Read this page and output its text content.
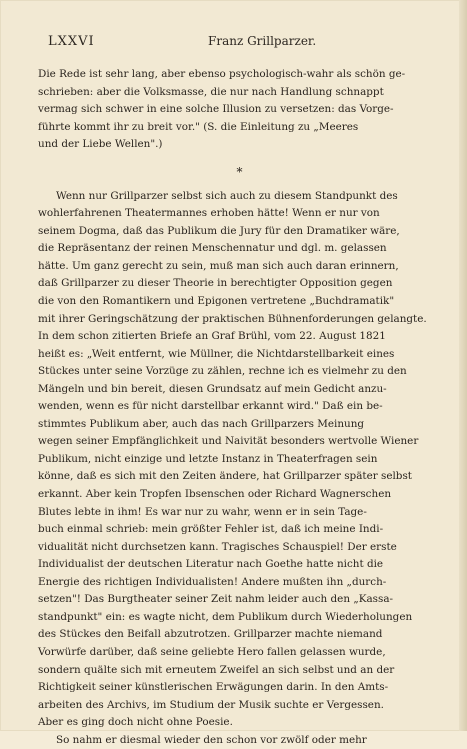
LXXVI	Franz Grillparzer.
Die Rede ist sehr lang, aber ebenso psychologisch-wahr als schön ge-
schrieben: aber die Volksmasse, die nur nach Handlung schnappt
vermag sich schwer in eine solche Illusion zu versetzen: das Vorge-
führte kommt ihr zu breit vor." (S. die Einleitung zu „Meeres
und der Liebe Wellen".)
*
Wenn nur Grillparzer selbst sich auch zu diesem Standpunkt des
wohlerfahrenen Theatermannes erhoben hätte! Wenn er nur von
seinem Dogma, daß das Publikum die Jury für den Dramatiker wäre,
die Repräsentanz der reinen Menschennatur und dgl. m. gelassen
hätte. Um ganz gerecht zu sein, muß man sich auch daran erinnern,
daß Grillparzer zu dieser Theorie in berechtigter Opposition gegen
die von den Romantikern und Epigonen vertretene „Buchdramatik"
mit ihrer Geringschätzung der praktischen Bühnenforderungen gelangte.
In dem schon zitierten Briefe an Graf Brühl, vom 22. August 1821
heißt es: „Weit entfernt, wie Müllner, die Nichtdarstellbarkeit eines
Stückes unter seine Vorzüge zu zählen, rechne ich es vielmehr zu den
Mängeln und bin bereit, diesen Grundsatz auf mein Gedicht anzu-
wenden, wenn es für nicht darstellbar erkannt wird." Daß ein be-
stimmtes Publikum aber, auch das nach Grillparzers Meinung
wegen seiner Empfänglichkeit und Naivität besonders wertvolle Wiener
Publikum, nicht einzige und letzte Instanz in Theaterfragen sein
könne, daß es sich mit den Zeiten ändere, hat Grillparzer später selbst
erkannt. Aber kein Tropfen Ibsenschen oder Richard Wagnerschen
Blutes lebte in ihm! Es war nur zu wahr, wenn er in sein Tage-
buch einmal schrieb: mein größter Fehler ist, daß ich meine Indi-
vidualität nicht durchsetzen kann. Tragisches Schauspiel! Der erste
Individualist der deutschen Literatur nach Goethe hatte nicht die
Energie des richtigen Individualisten! Andere mußten ihn „durch-
setzen"! Das Burgtheater seiner Zeit nahm leider auch den „Kassa-
standpunkt" ein: es wagte nicht, dem Publikum durch Wiederholungen
des Stückes den Beifall abzutrotzen. Grillparzer machte niemand
Vorwürfe darüber, daß seine geliebte Hero fallen gelassen wurde,
sondern quälte sich mit erneutem Zweifel an sich selbst und an der
Richtigkeit seiner künstlerischen Erwägungen darin. In den Amts-
arbeiten des Archivs, im Studium der Musik suchte er Vergessen.
Aber es ging doch nicht ohne Poesie.
So nahm er diesmal wieder den schon vor zwölf oder mehr
